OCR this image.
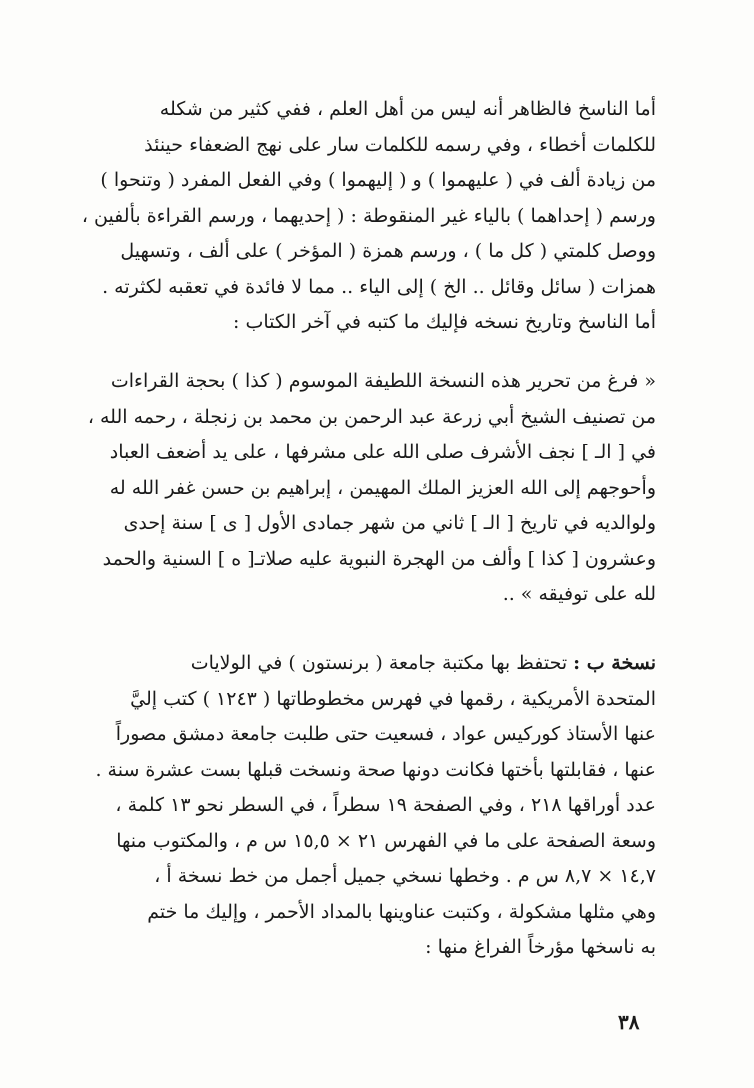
أما الناسخ فالظاهر أنه ليس من أهل العلم ، ففي كثير من شكله
للكلمات أخطاء ، وفي رسمه للكلمات سار على نهج الضعفاء حينئذ
من زيادة ألف في ( عليهموا ) و ( إليهموا ) وفي الفعل المفرد ( وتنحوا )
ورسم ( إحداهما ) بالياء غير المنقوطة : ( إحديهما ، ورسم القراءة بألفين ،
ووصل كلمتي ( كل ما ) ، ورسم همزة ( المؤخر ) على ألف ، وتسهيل
همزات ( سائل وقائل .. الخ ) إلى الياء .. مما لا فائدة في تعقبه لكثرته .
أما الناسخ وتاريخ نسخه فإليك ما كتبه في آخر الكتاب :
« فرغ من تحرير هذه النسخة اللطيفة الموسوم ( كذا ) بحجة القراءات
من تصنيف الشيخ أبي زرعة عبد الرحمن بن محمد بن زنجلة ، رحمه الله ،
في [ الـ ] نجف الأشرف صلى الله على مشرفها ، على يد أضعف العباد
وأحوجهم إلى الله العزيز الملك المهيمن ، إبراهيم بن حسن غفر الله له
ولوالديه في تاريخ [ الـ ] ثاني من شهر جمادى الأول [ ى ] سنة إحدى
وعشرون [ كذا ] وألف من الهجرة النبوية عليه صلاتـ[ ه ] السنية والحمد
لله على توفيقه » ..
نسخة ب : تحتفظ بها مكتبة جامعة ( برنستون ) في الولايات
المتحدة الأمريكية ، رقمها في فهرس مخطوطاتها ( ١٢٤٣ ) كتب إليَّ
عنها الأستاذ كوركيس عواد ، فسعيت حتى طلبت جامعة دمشق مصوراً
عنها ، فقابلتها بأختها فكانت دونها صحة ونسخت قبلها بست عشرة سنة .
عدد أوراقها ٢١٨ ، وفي الصفحة ١٩ سطراً ، في السطر نحو ١٣ كلمة ،
وسعة الصفحة على ما في الفهرس ٢١ × ١٥,٥ س م ، والمكتوب منها
١٤,٧ × ٨,٧ س م . وخطها نسخي جميل أجمل من خط نسخة أ ،
وهي مثلها مشكولة ، وكتبت عناوينها بالمداد الأحمر ، وإليك ما ختم
به ناسخها مؤرخاً الفراغ منها :
٣٨
